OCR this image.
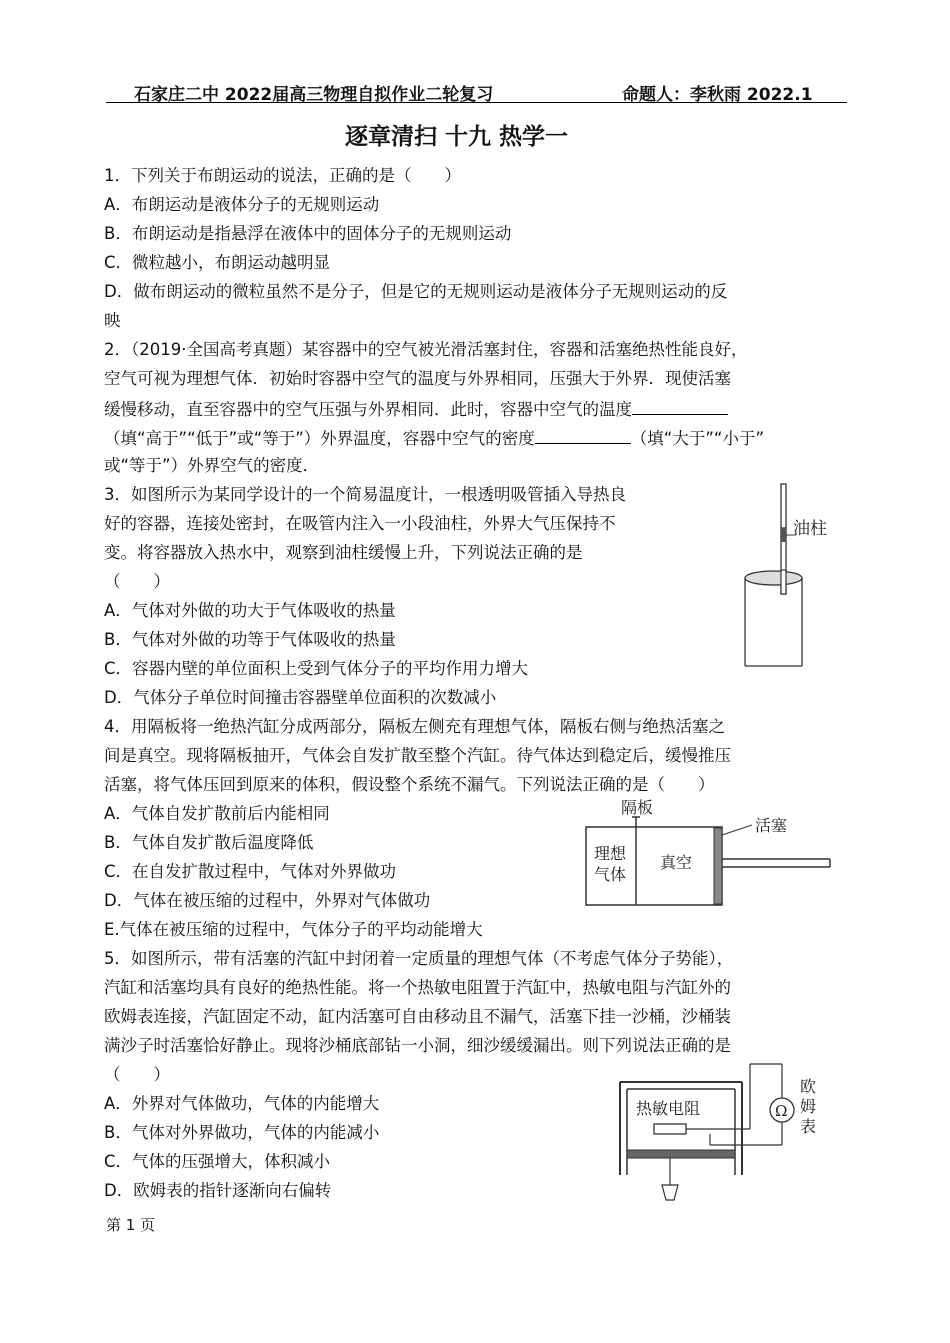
石家庄二中 2022届高三物理自拟作业二轮复习	命题人：李秋雨 2022.1
逐章清扫 十九 热学一
1．下列关于布朗运动的说法，正确的是（　　）
A．布朗运动是液体分子的无规则运动
B．布朗运动是指悬浮在液体中的固体分子的无规则运动
C．微粒越小，布朗运动越明显
D．做布朗运动的微粒虽然不是分子，但是它的无规则运动是液体分子无规则运动的反
映
2．（2019·全国高考真题）某容器中的空气被光滑活塞封住，容器和活塞绝热性能良好，
空气可视为理想气体．初始时容器中空气的温度与外界相同，压强大于外界．现使活塞
缓慢移动，直至容器中的空气压强与外界相同．此时，容器中空气的温度
（填“高于”“低于”或“等于”）外界温度，容器中空气的密度	（填“大于”“小于”
或“等于”）外界空气的密度．
3．如图所示为某同学设计的一个简易温度计，一根透明吸管插入导热良
好的容器，连接处密封，在吸管内注入一小段油柱，外界大气压保持不
变。将容器放入热水中，观察到油柱缓慢上升，下列说法正确的是
（　　）
A．气体对外做的功大于气体吸收的热量
B．气体对外做的功等于气体吸收的热量
C．容器内壁的单位面积上受到气体分子的平均作用力增大
D．气体分子单位时间撞击容器壁单位面积的次数减小
油柱
4．用隔板将一绝热汽缸分成两部分，隔板左侧充有理想气体，隔板右侧与绝热活塞之
间是真空。现将隔板抽开，气体会自发扩散至整个汽缸。待气体达到稳定后，缓慢推压
活塞，将气体压回到原来的体积，假设整个系统不漏气。下列说法正确的是（　　）
A．气体自发扩散前后内能相同
B．气体自发扩散后温度降低
C．在自发扩散过程中，气体对外界做功
D．气体在被压缩的过程中，外界对气体做功
E.气体在被压缩的过程中，气体分子的平均动能增大
隔板
活塞
理想
气体
真空
5．如图所示，带有活塞的汽缸中封闭着一定质量的理想气体（不考虑气体分子势能），
汽缸和活塞均具有良好的绝热性能。将一个热敏电阻置于汽缸中，热敏电阻与汽缸外的
欧姆表连接，汽缸固定不动，缸内活塞可自由移动且不漏气，活塞下挂一沙桶，沙桶装
满沙子时活塞恰好静止。现将沙桶底部钻一小洞，细沙缓缓漏出。则下列说法正确的是
（　　）
A．外界对气体做功，气体的内能增大
B．气体对外界做功，气体的内能减小
C．气体的压强增大，体积减小
D．欧姆表的指针逐渐向右偏转
热敏电阻	Ω
欧
姆
表
第 1 页
